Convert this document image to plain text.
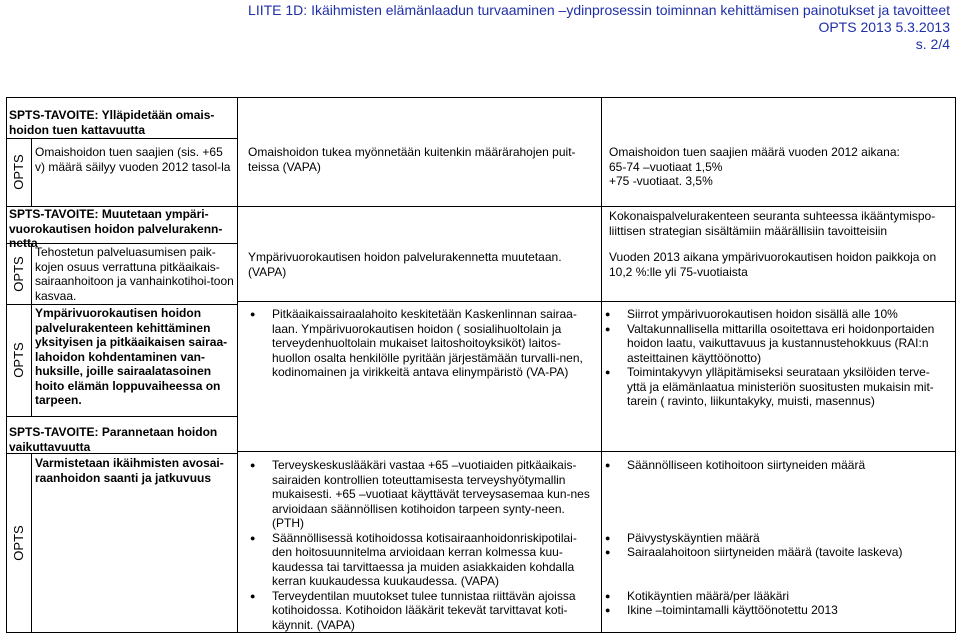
LIITE 1D: Ikäihmisten elämänlaadun turvaaminen –ydinprosessin toiminnan kehittämisen painotukset ja tavoitteet
OPTS 2013 5.3.2013
s. 2/4
SPTS-TAVOITE: Ylläpidetään omais-hoidon tuen kattavuutta
OPTS
Omaishoidon tuen saajien (sis. +65 v) määrä säilyy vuoden 2012 tasol-la
Omaishoidon tukea myönnetään kuitenkin määrärahojen puit-teissa (VAPA)
Omaishoidon tuen saajien määrä vuoden 2012 aikana:
65-74 –vuotiaat 1,5%
+75 -vuotiaat. 3,5%
SPTS-TAVOITE: Muutetaan ympäri-vuorokautisen hoidon palvelurakenn-netta
OPTS
Tehostetun palveluasumisen paik-kojen osuus verrattuna pitkäaikais-sairaanhoitoon ja vanhainkotihoi-toon kasvaa.
Ympärivuorokautisen hoidon palvelurakennetta muutetaan. (VAPA)
Kokonaispalvelurakenteen seuranta suhteessa ikääntymispo-liittisen strategian sisältämiin määrällisiin tavoitteisiin
Vuoden 2013 aikana ympärivuorokautisen hoidon paikkoja on 10,2 %:lle yli 75-vuotiaista
OPTS
Ympärivuorokautisen hoidon palvelurakenteen kehittäminen yksityisen ja pitkäaikaisen sairaa-lahoidon kohdentaminen van-huksille, joille sairaalatasoinen hoito elämän loppuvaiheessa on tarpeen.
● Pitkäaikaissairaalahoito keskitetään Kaskenlinnan sairaa-laan. Ympärivuorokautisen hoidon ( sosialihuoltolain ja terveydenhuoltolain mukaiset laitoshoitoyksiköt) laitos-huollon osalta henkilölle pyritään järjestämään turvalli-nen, kodinomainen ja virikkeitä antava elinympäristö (VA-PA)
● Siirrot ympärivuorokautisen hoidon sisällä alle 10%
● Valtakunnallisella mittarilla osoitettava eri hoidonportaiden hoidon laatu, vaikuttavuus ja kustannustehokkuus (RAI:n asteittainen käyttöönotto)
● Toimintakyvyn ylläpitämiseksi seurataan yksilöiden terve-yttä ja elämänlaatua ministeriön suositusten mukaisin mit-tarein ( ravinto, liikuntakyky, muisti, masennus)
SPTS-TAVOITE: Parannetaan hoidon vaikuttavuutta
OPTS
Varmistetaan ikäihmisten avosai-raanhoidon saanti ja jatkuvuus
● Terveyskeskuslääkäri vastaa +65 –vuotiaiden pitkäaikais-sairaiden kontrollien toteuttamisesta terveyshyötymallin mukaisesti. +65 –vuotiaat käyttävät terveysasemaa kun-nes arvioidaan säännöllisen kotihoidon tarpeen synty-neen. (PTH)
● Säännöllisessä kotihoidossa kotisairaanhoidonriskipotilai-den hoitosuunnitelma arvioidaan kerran kolmessa kuu-kaudessa tai tarvittaessa ja muiden asiakkaiden kohdalla kerran kuukaudessa kuukaudessa. (VAPA)
● Terveydentilan muutokset tulee tunnistaa riittävän ajoissa kotihoidossa. Kotihoidon lääkärit tekevät tarvittavat koti-käynnit. (VAPA)
● Säännölliseen kotihoitoon siirtyneiden määrä
● Päivystyskäyntien määrä
● Sairaalahoitoon siirtyneiden määrä (tavoite laskeva)
● Kotikäyntien määrä/per lääkäri
● Ikine –toimintamalli käyttöönotettu 2013
